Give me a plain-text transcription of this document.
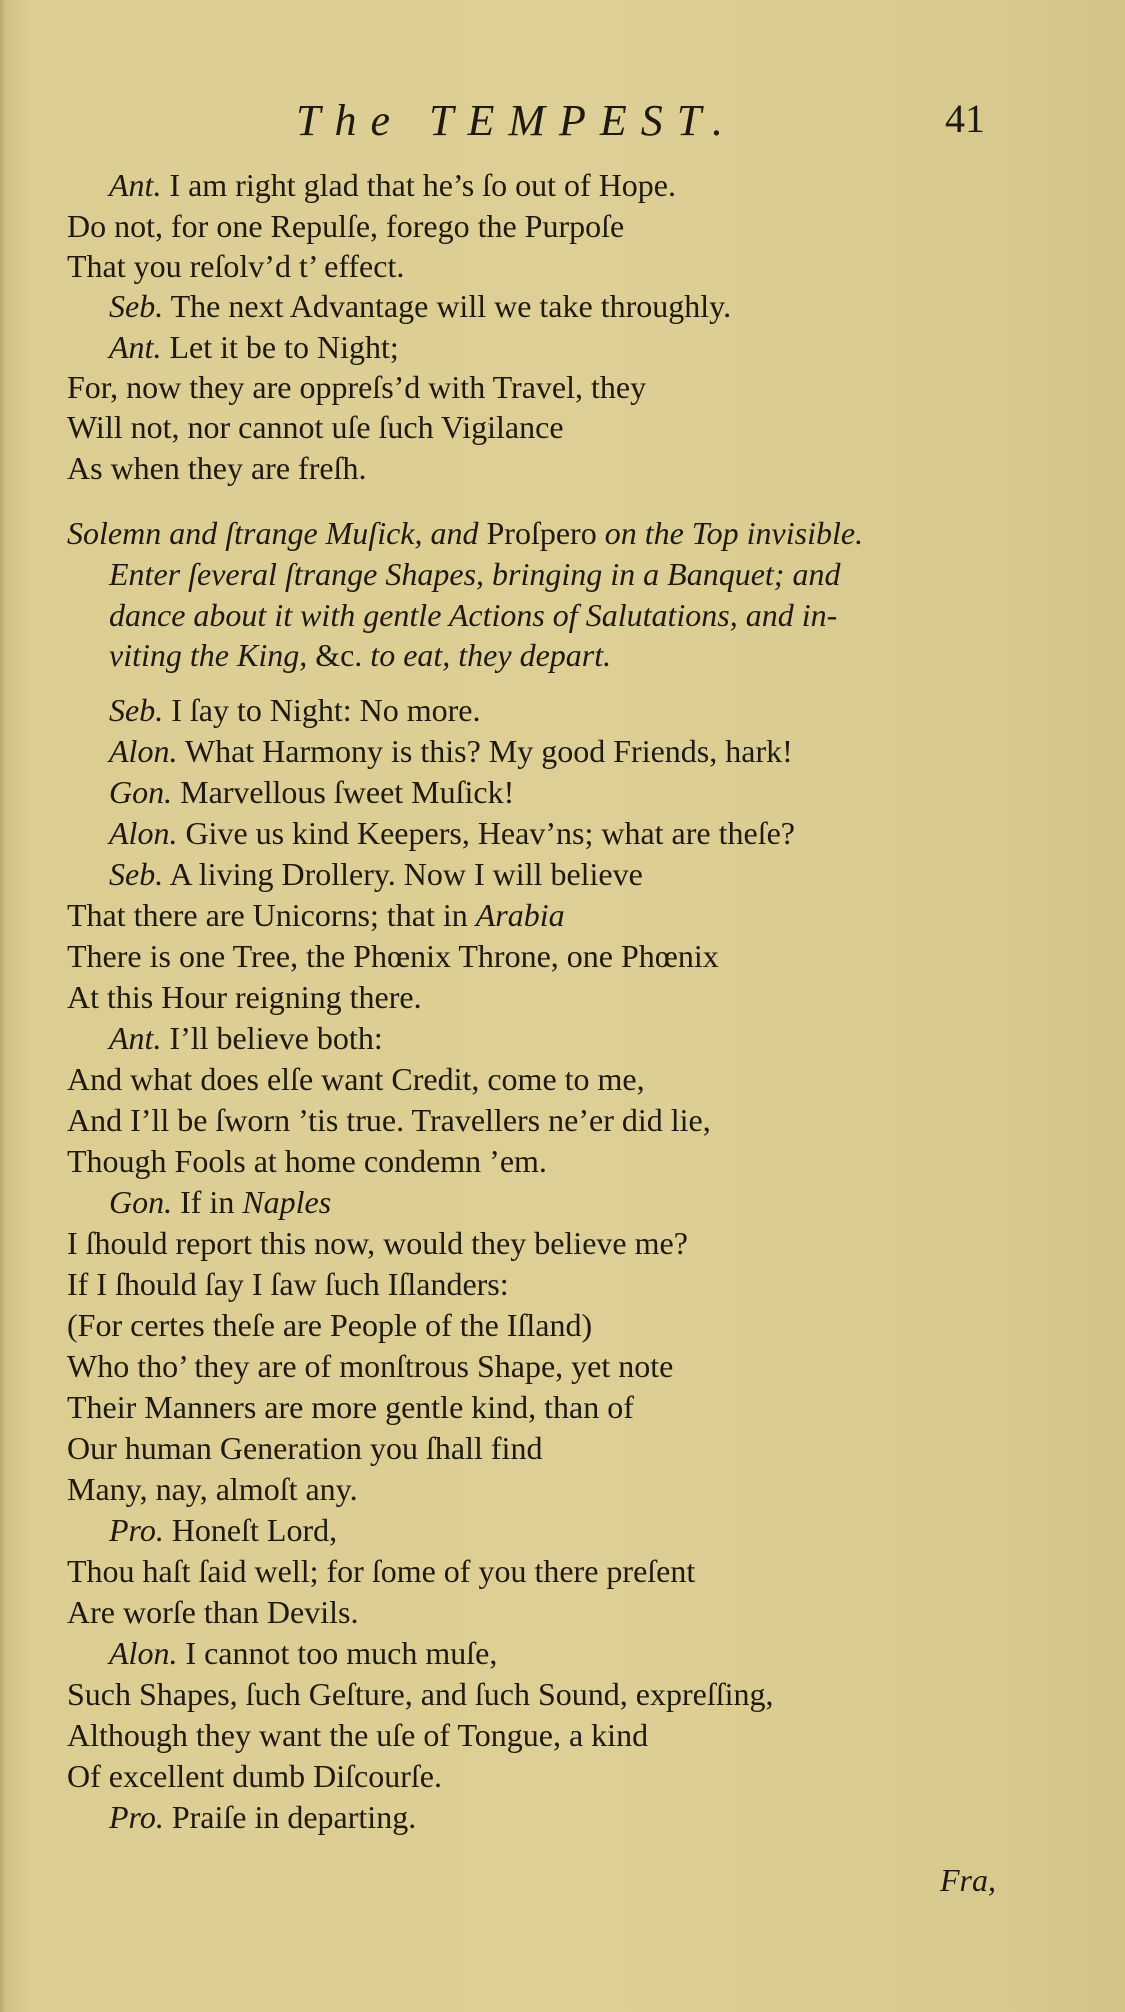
The TEMPEST.	41
Ant. I am right glad that he’s ſo out of Hope.
Do not, for one Repulſe, forego the Purpoſe
That you reſolv’d t’ effect.
Seb. The next Advantage will we take throughly.
Ant. Let it be to Night;
For, now they are oppreſs’d with Travel, they
Will not, nor cannot uſe ſuch Vigilance
As when they are freſh.
Solemn and ſtrange Muſick, and Proſpero on the Top invisible.
Enter ſeveral ſtrange Shapes, bringing in a Banquet; and
dance about it with gentle Actions of Salutations, and in-
viting the King, &c. to eat, they depart.
Seb. I ſay to Night: No more.
Alon. What Harmony is this? My good Friends, hark!
Gon. Marvellous ſweet Muſick!
Alon. Give us kind Keepers, Heav’ns; what are theſe?
Seb. A living Drollery. Now I will believe
That there are Unicorns; that in Arabia
There is one Tree, the Phœnix Throne, one Phœnix
At this Hour reigning there.
Ant. I’ll believe both:
And what does elſe want Credit, come to me,
And I’ll be ſworn ’tis true. Travellers ne’er did lie,
Though Fools at home condemn ’em.
Gon. If in Naples
I ſhould report this now, would they believe me?
If I ſhould ſay I ſaw ſuch Iſlanders:
(For certes theſe are People of the Iſland)
Who tho’ they are of monſtrous Shape, yet note
Their Manners are more gentle kind, than of
Our human Generation you ſhall find
Many, nay, almoſt any.
Pro. Honeſt Lord,
Thou haſt ſaid well; for ſome of you there preſent
Are worſe than Devils.
Alon. I cannot too much muſe,
Such Shapes, ſuch Geſture, and ſuch Sound, expreſſing,
Although they want the uſe of Tongue, a kind
Of excellent dumb Diſcourſe.
Pro. Praiſe in departing.
Fra,
